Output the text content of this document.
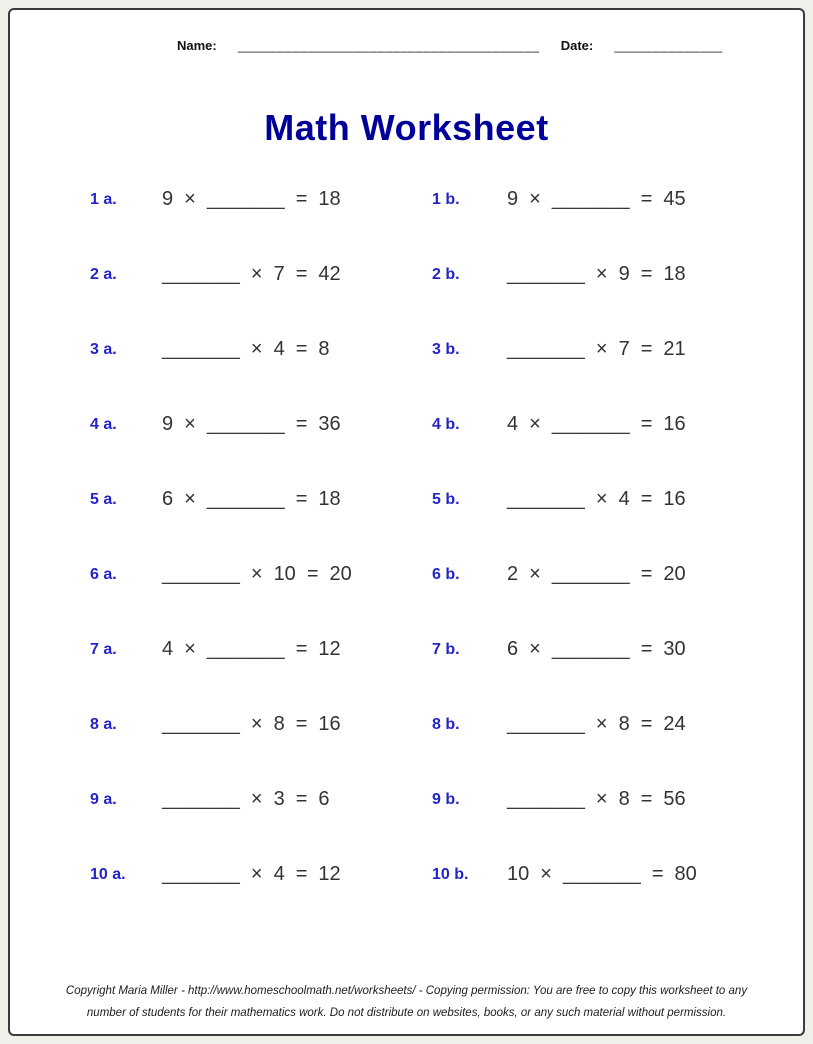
Name: _______________________________________ Date: ______________
Math Worksheet
1 a.	9 × _______ = 18	1 b.	9 × _______ = 45
2 a.	_______ × 7 = 42	2 b.	_______ × 9 = 18
3 a.	_______ × 4 = 8	3 b.	_______ × 7 = 21
4 a.	9 × _______ = 36	4 b.	4 × _______ = 16
5 a.	6 × _______ = 18	5 b.	_______ × 4 = 16
6 a.	_______ × 10 = 20	6 b.	2 × _______ = 20
7 a.	4 × _______ = 12	7 b.	6 × _______ = 30
8 a.	_______ × 8 = 16	8 b.	_______ × 8 = 24
9 a.	_______ × 3 = 6	9 b.	_______ × 8 = 56
10 a.	_______ × 4 = 12	10 b.	10 × _______ = 80
Copyright Maria Miller - http://www.homeschoolmath.net/worksheets/ - Copying permission: You are free to copy this worksheet to any
number of students for their mathematics work. Do not distribute on websites, books, or any such material without permission.
